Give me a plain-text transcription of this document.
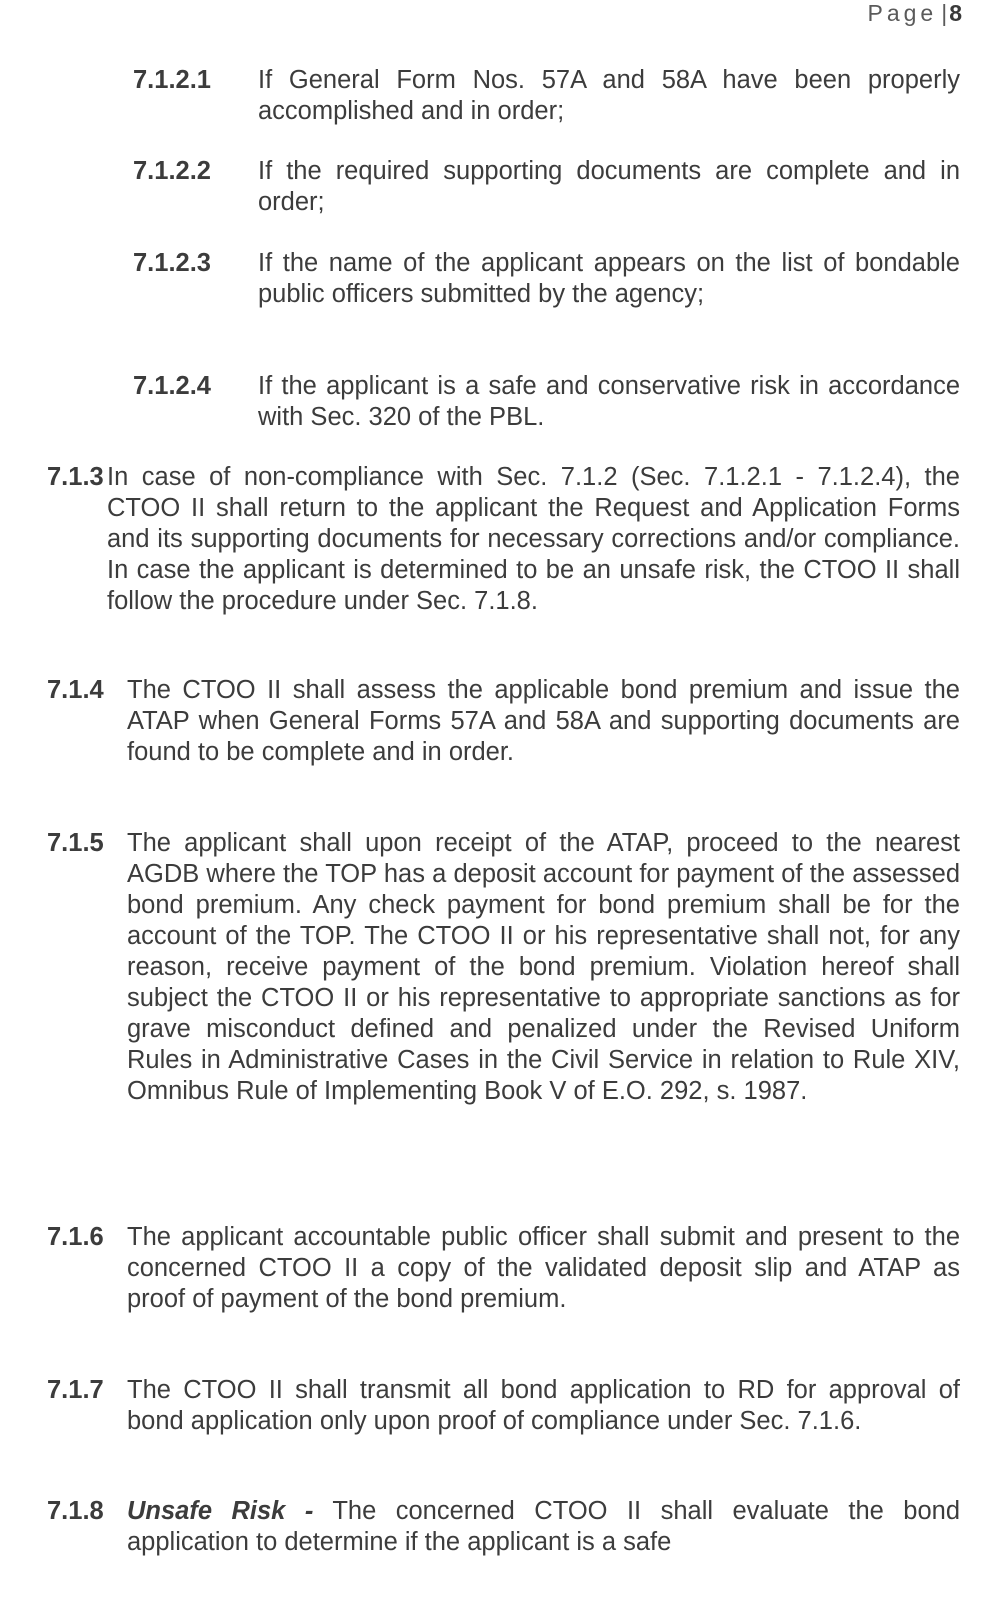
Page |8
7.1.2.1 If General Form Nos. 57A and 58A have been properly accomplished and in order;
7.1.2.2 If the required supporting documents are complete and in order;
7.1.2.3 If the name of the applicant appears on the list of bondable public officers submitted by the agency;
7.1.2.4 If the applicant is a safe and conservative risk in accordance with Sec. 320 of the PBL.
7.1.3 In case of non-compliance with Sec. 7.1.2 (Sec. 7.1.2.1 - 7.1.2.4), the CTOO II shall return to the applicant the Request and Application Forms and its supporting documents for necessary corrections and/or compliance. In case the applicant is determined to be an unsafe risk, the CTOO II shall follow the procedure under Sec. 7.1.8.
7.1.4 The CTOO II shall assess the applicable bond premium and issue the ATAP when General Forms 57A and 58A and supporting documents are found to be complete and in order.
7.1.5 The applicant shall upon receipt of the ATAP, proceed to the nearest AGDB where the TOP has a deposit account for payment of the assessed bond premium. Any check payment for bond premium shall be for the account of the TOP. The CTOO II or his representative shall not, for any reason, receive payment of the bond premium. Violation hereof shall subject the CTOO II or his representative to appropriate sanctions as for grave misconduct defined and penalized under the Revised Uniform Rules in Administrative Cases in the Civil Service in relation to Rule XIV, Omnibus Rule of Implementing Book V of E.O. 292, s. 1987.
7.1.6 The applicant accountable public officer shall submit and present to the concerned CTOO II a copy of the validated deposit slip and ATAP as proof of payment of the bond premium.
7.1.7 The CTOO II shall transmit all bond application to RD for approval of bond application only upon proof of compliance under Sec. 7.1.6.
7.1.8 Unsafe Risk - The concerned CTOO II shall evaluate the bond application to determine if the applicant is a safe
